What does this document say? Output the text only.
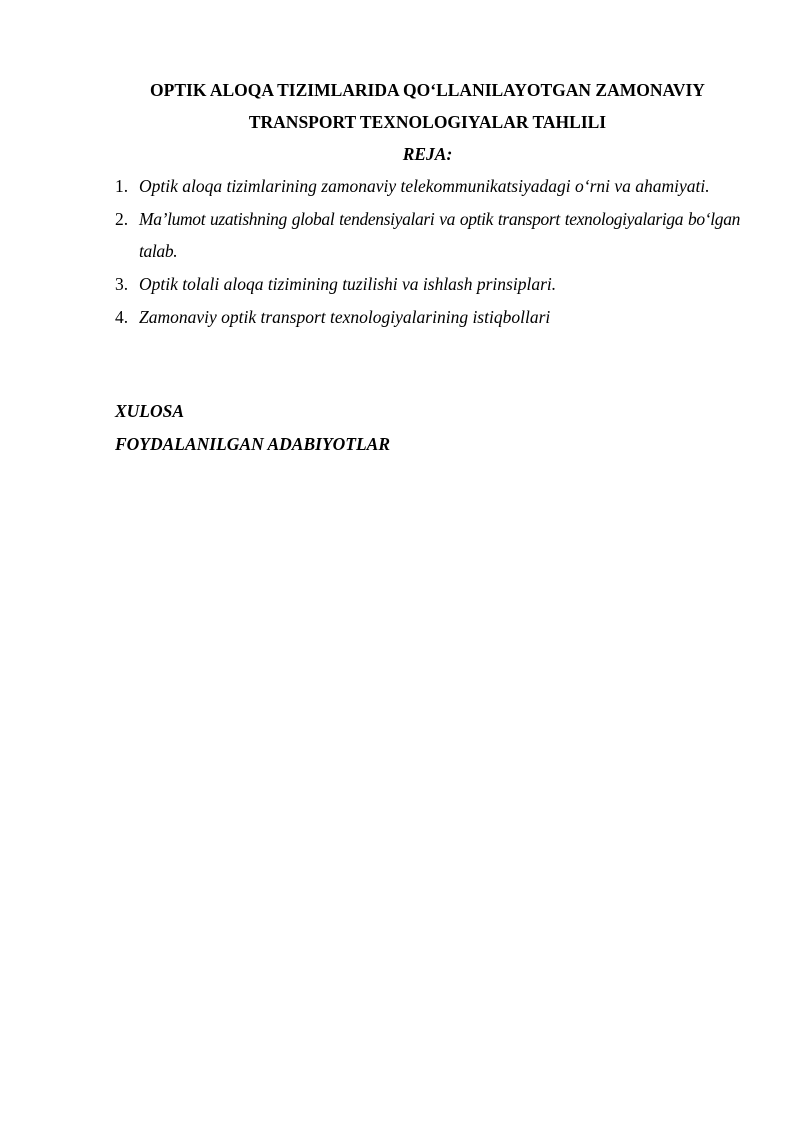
OPTIK ALOQA TIZIMLARIDA QO‘LLANILAYOTGAN ZAMONAVIY
TRANSPORT TEXNOLOGIYALAR TAHLILI
REJA:
1. Optik aloqa tizimlarining zamonaviy telekommunikatsiyadagi o‘rni va ahamiyati.
2. Ma’lumot uzatishning global tendensiyalari va optik transport texnologiyalariga bo‘lgan talab.
3. Optik tolali aloqa tizimining tuzilishi va ishlash prinsiplari.
4. Zamonaviy optik transport texnologiyalarining istiqbollari
XULOSA
FOYDALANILGAN ADABIYOTLAR
